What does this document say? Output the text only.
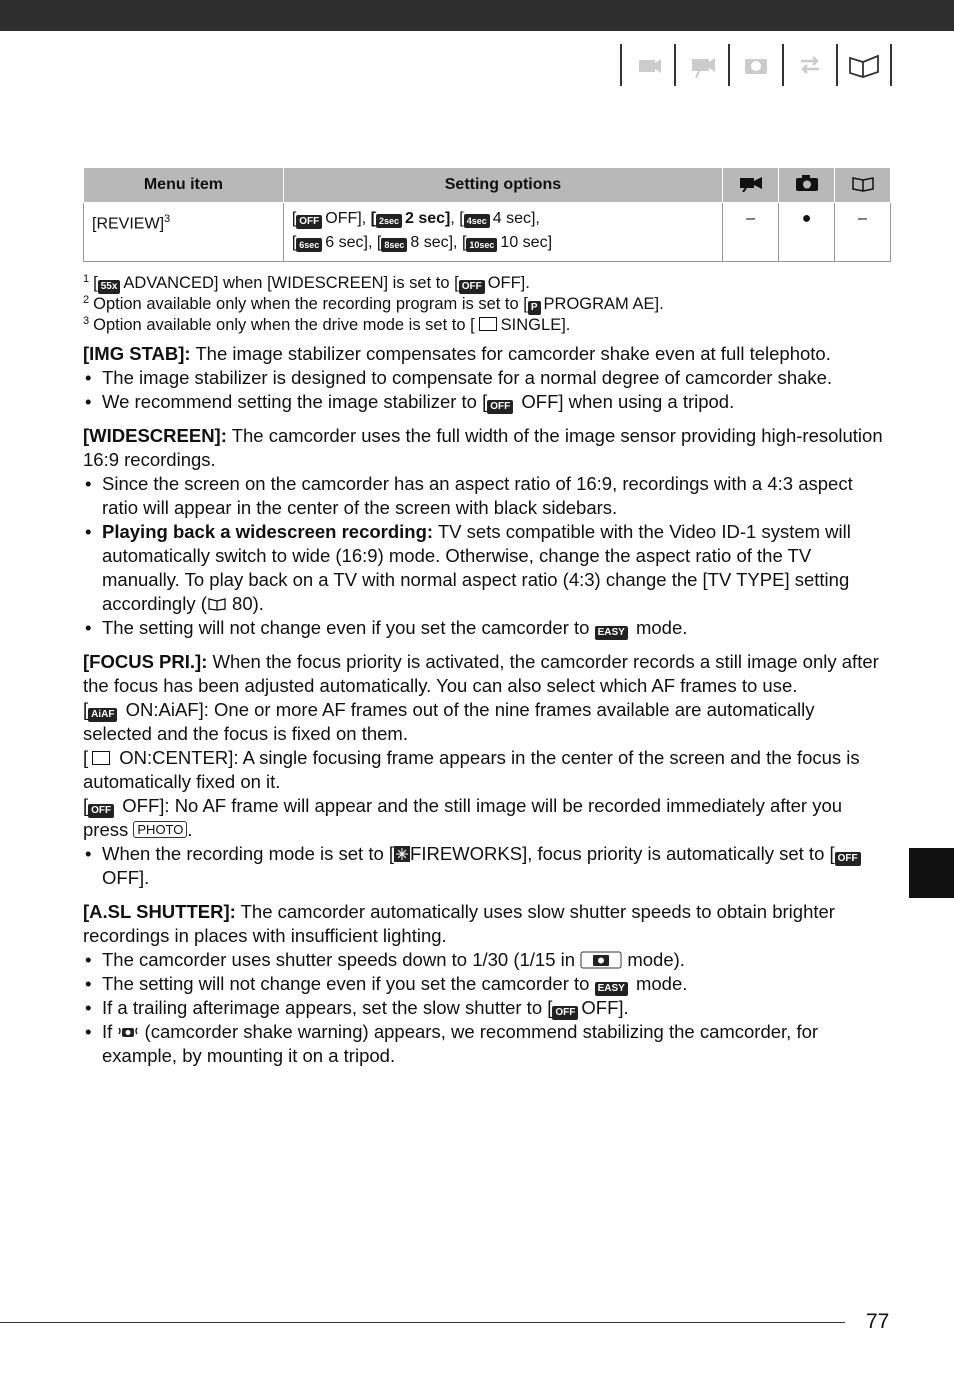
Menu item	Setting options			
[REVIEW]$^3$	[ OFF OFF], [ 2sec 2 sec], [ 4sec 4 sec],
[ 6sec 6 sec], [ 8sec 8 sec], [ 10sec 10 sec]	–	●	–
$^1$ [ 55x ADVANCED] when [WIDESCREEN] is set to [ OFF OFF].
$^2$ Option available only when the recording program is set to [ P PROGRAM AE].
$^3$ Option available only when the drive mode is set to [ SINGLE].

[IMG STAB]: The image stabilizer compensates for camcorder shake even at full telephoto.

• The image stabilizer is designed to compensate for a normal degree of camcorder shake.
• We recommend setting the image stabilizer to [ OFF OFF] when using a tripod.

[WIDESCREEN]: The camcorder uses the full width of the image sensor providing high-resolution 16:9 recordings.

• Since the screen on the camcorder has an aspect ratio of 16:9, recordings with a 4:3 aspect ratio will appear in the center of the screen with black sidebars.
• Playing back a widescreen recording: TV sets compatible with the Video ID-1 system will automatically switch to wide (16:9) mode. Otherwise, change the aspect ratio of the TV manually. To play back on a TV with normal aspect ratio (4:3) change the [TV TYPE] setting accordingly ( 80).
• The setting will not change even if you set the camcorder to EASY mode.

[FOCUS PRI.]: When the focus priority is activated, the camcorder records a still image only after the focus has been adjusted automatically. You can also select which AF frames to use.

[ AiAF ON:AiAF]: One or more AF frames out of the nine frames available are automatically selected and the focus is fixed on them.

[ ON:CENTER]: A single focusing frame appears in the center of the screen and the focus is automatically fixed on it.

[ OFF OFF]: No AF frame will appear and the still image will be recorded immediately after you press PHOTO .

• When the recording mode is set to [ FIREWORKS], focus priority is automatically set to [ OFF OFF].

[A.SL SHUTTER]: The camcorder automatically uses slow shutter speeds to obtain brighter recordings in places with insufficient lighting.

• The camcorder uses shutter speeds down to 1/30 (1/15 in  mode).
• The setting will not change even if you set the camcorder to EASY mode.
• If a trailing afterimage appears, set the slow shutter to [ OFF OFF].
• If  (camcorder shake warning) appears, we recommend stabilizing the camcorder, for example, by mounting it on a tripod.
77
